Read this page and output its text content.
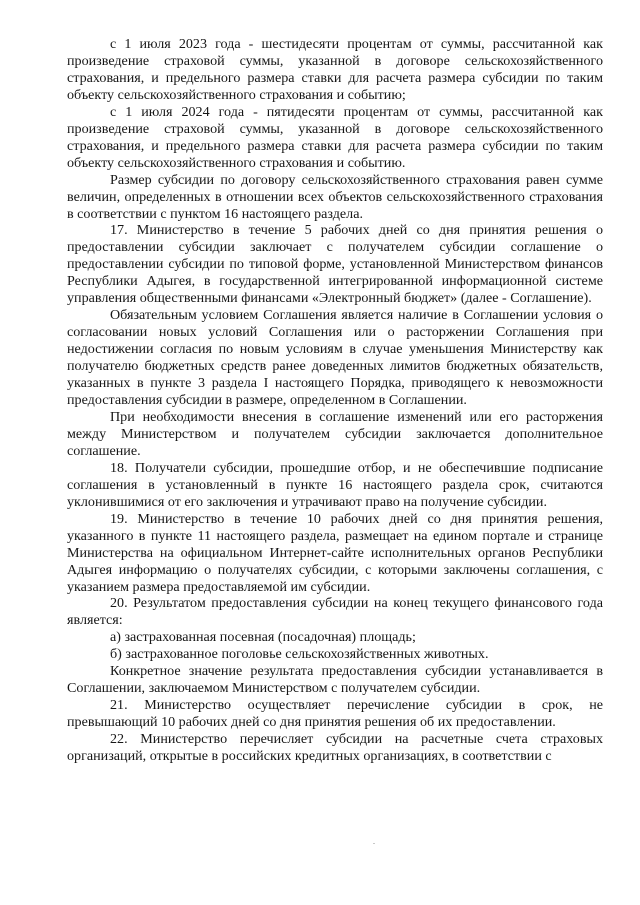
с 1 июля 2023 года - шестидесяти процентам от суммы, рассчитанной как произведение страховой суммы, указанной в договоре сельскохозяйственного страхования, и предельного размера ставки для расчета размера субсидии по таким объекту сельскохозяйственного страхования и событию;

с 1 июля 2024 года - пятидесяти процентам от суммы, рассчитанной как произведение страховой суммы, указанной в договоре сельскохозяйственного страхования, и предельного размера ставки для расчета размера субсидии по таким объекту сельскохозяйственного страхования и событию.

Размер субсидии по договору сельскохозяйственного страхования равен сумме величин, определенных в отношении всех объектов сельскохозяйственного страхования в соответствии с пунктом 16 настоящего раздела.

17. Министерство в течение 5 рабочих дней со дня принятия решения о предоставлении субсидии заключает с получателем субсидии соглашение о предоставлении субсидии по типовой форме, установленной Министерством финансов Республики Адыгея, в государственной интегрированной информационной системе управления общественными финансами «Электронный бюджет» (далее - Соглашение).

Обязательным условием Соглашения является наличие в Соглашении условия о согласовании новых условий Соглашения или о расторжении Соглашения при недостижении согласия по новым условиям в случае уменьшения Министерству как получателю бюджетных средств ранее доведенных лимитов бюджетных обязательств, указанных в пункте 3 раздела I настоящего Порядка, приводящего к невозможности предоставления субсидии в размере, определенном в Соглашении.

При необходимости внесения в соглашение изменений или его расторжения между Министерством и получателем субсидии заключается дополнительное соглашение.

18. Получатели субсидии, прошедшие отбор, и не обеспечившие подписание соглашения в установленный в пункте 16 настоящего раздела срок, считаются уклонившимися от его заключения и утрачивают право на получение субсидии.

19. Министерство в течение 10 рабочих дней со дня принятия решения, указанного в пункте 11 настоящего раздела, размещает на едином портале и странице Министерства на официальном Интернет-сайте исполнительных органов Республики Адыгея информацию о получателях субсидии, с которыми заключены соглашения, с указанием размера предоставляемой им субсидии.

20. Результатом предоставления субсидии на конец текущего финансового года является:

а) застрахованная посевная (посадочная) площадь;

б) застрахованное поголовье сельскохозяйственных животных.

Конкретное значение результата предоставления субсидии устанавливается в Соглашении, заключаемом Министерством с получателем субсидии.

21. Министерство осуществляет перечисление субсидии в срок, не превышающий 10 рабочих дней со дня принятия решения об их предоставлении.

22. Министерство перечисляет субсидии на расчетные счета страховых организаций, открытые в российских кредитных организациях, в соответствии с
